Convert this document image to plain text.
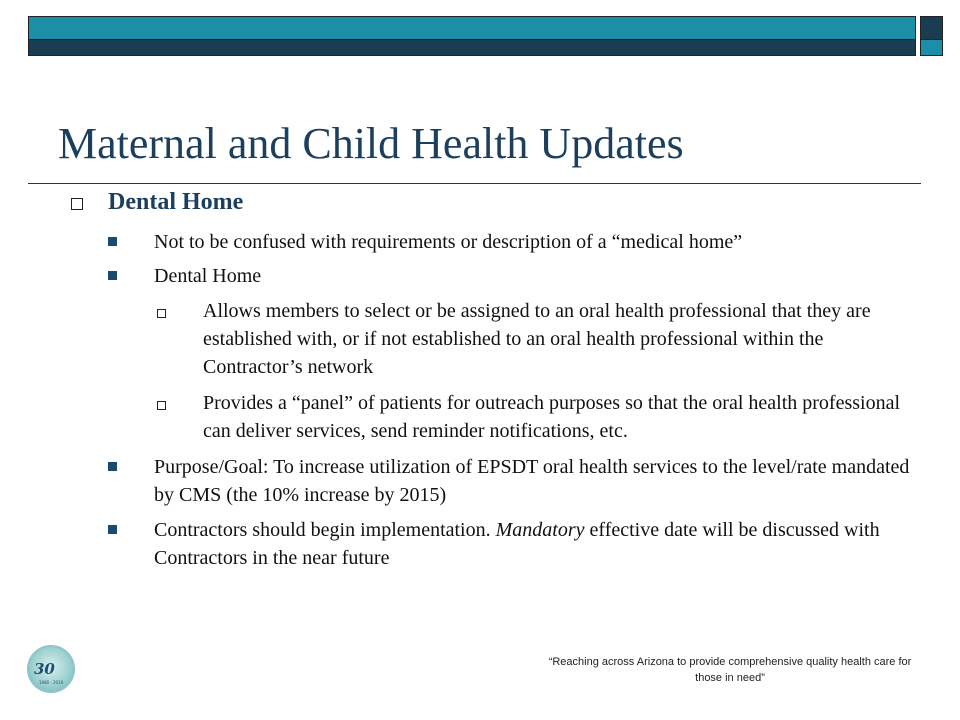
Maternal and Child Health Updates

Dental Home

Not to be confused with requirements or description of a “medical home”

Dental Home

Allows members to select or be assigned to an oral health professional that they are established with, or if not established to an oral health professional within the Contractor’s network

Provides a “panel” of patients for outreach purposes so that the oral health professional can deliver services, send reminder notifications, etc.

Purpose/Goal: To increase utilization of EPSDT oral health services to the level/rate mandated by CMS (the 10% increase by 2015)

Contractors should begin implementation. Mandatory effective date will be discussed with Contractors in the near future

30
1980 · 2010

“Reaching across Arizona to provide comprehensive quality health care for those in need”
